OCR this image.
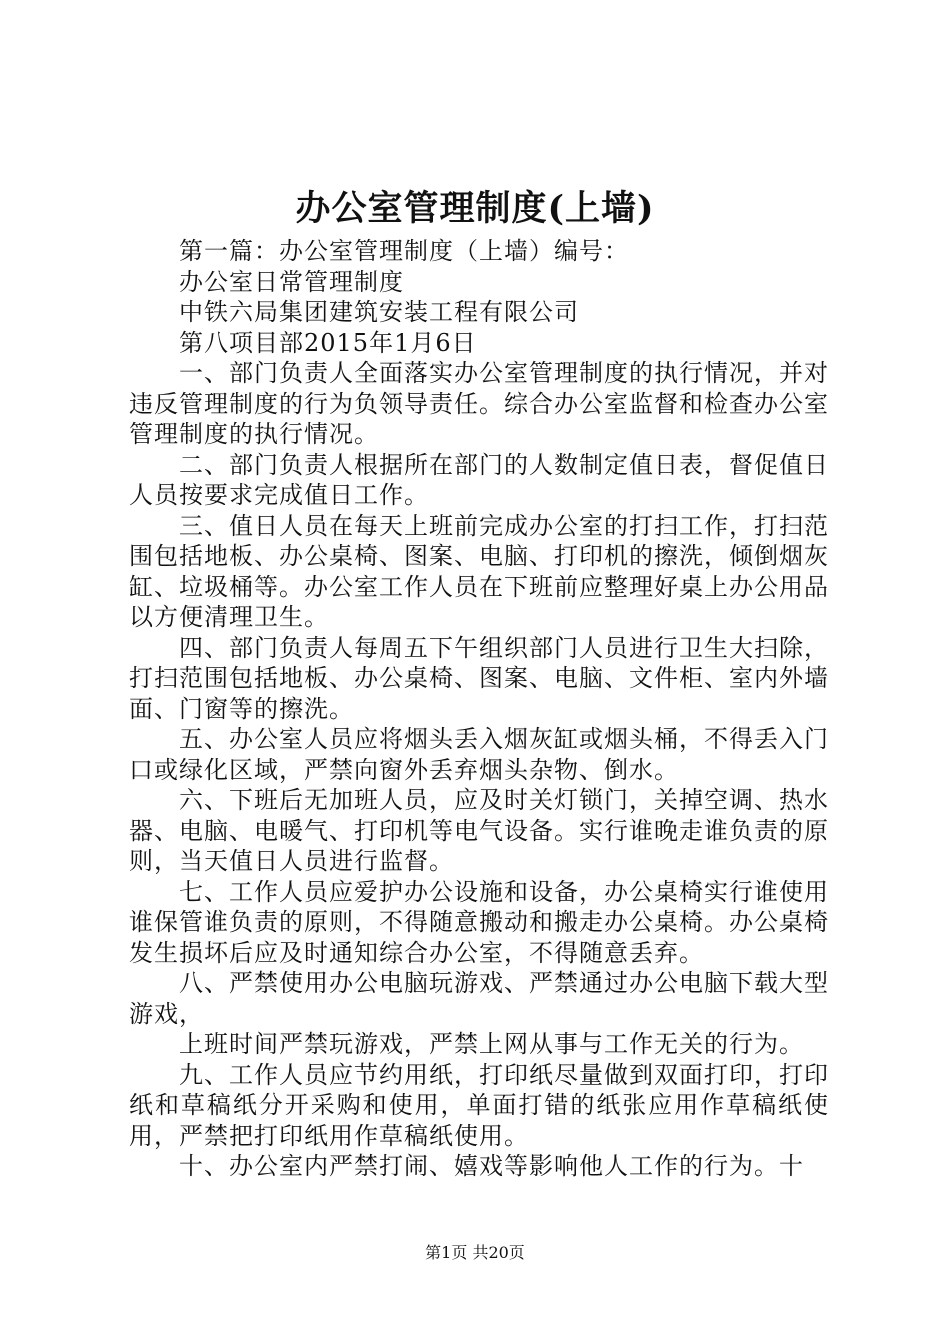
办公室管理制度(上墙)

第一篇：办公室管理制度（上墙）编号：

办公室日常管理制度

中铁六局集团建筑安装工程有限公司

第八项目部2015年1月6日

一、部门负责人全面落实办公室管理制度的执行情况，并对违反管理制度的行为负领导责任。综合办公室监督和检查办公室管理制度的执行情况。

二、部门负责人根据所在部门的人数制定值日表，督促值日人员按要求完成值日工作。

三、值日人员在每天上班前完成办公室的打扫工作，打扫范围包括地板、办公桌椅、图案、电脑、打印机的擦洗，倾倒烟灰缸、垃圾桶等。办公室工作人员在下班前应整理好桌上办公用品以方便清理卫生。

四、部门负责人每周五下午组织部门人员进行卫生大扫除，打扫范围包括地板、办公桌椅、图案、电脑、文件柜、室内外墙面、门窗等的擦洗。

五、办公室人员应将烟头丢入烟灰缸或烟头桶，不得丢入门口或绿化区域，严禁向窗外丢弃烟头杂物、倒水。

六、下班后无加班人员，应及时关灯锁门，关掉空调、热水器、电脑、电暖气、打印机等电气设备。实行谁晚走谁负责的原则，当天值日人员进行监督。

七、工作人员应爱护办公设施和设备，办公桌椅实行谁使用谁保管谁负责的原则，不得随意搬动和搬走办公桌椅。办公桌椅发生损坏后应及时通知综合办公室，不得随意丢弃。

八、严禁使用办公电脑玩游戏、严禁通过办公电脑下载大型游戏，

上班时间严禁玩游戏，严禁上网从事与工作无关的行为。

九、工作人员应节约用纸，打印纸尽量做到双面打印，打印纸和草稿纸分开采购和使用，单面打错的纸张应用作草稿纸使用，严禁把打印纸用作草稿纸使用。

十、办公室内严禁打闹、嬉戏等影响他人工作的行为。十

第1页 共20页
